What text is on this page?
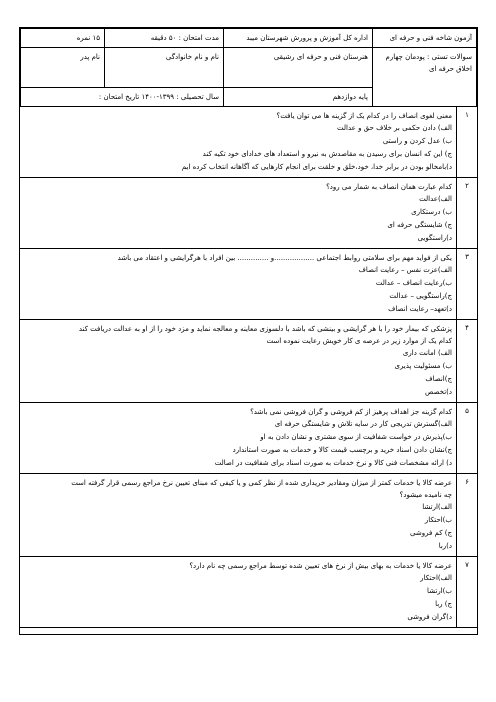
آزمون شاخه فنی و حرفه ای	اداره کل آموزش و پرورش شهرستان میبد	مدت امتحان : ۵۰ دقیقه	۱۵ نمره

سوالات تستی : پودمان چهارم
اخلاق حرفه ای	هنرستان فنی و حرفه ای رشیقی	نام و نام خانوادگی	نام پدر
	پایه دوازدهم	سال تحصیلی : ۱۳۹۹-۱۴۰۰ تاریخ امتحان :	
۱
معنی لغوی انصاف را در کدام یک از گزینه ها می توان یافت؟
الف) دادن حکمی بر خلاف حق و عدالت
ب) عدل کردن و راستی
ج) این که انسان برای رسیدن به مقاصدش به نیرو و استعداد های خدادای خود تکیه کند
د)بامخالو بودن در برابر خدا، خود،خلق و خلقت برای انجام کارهایی که آگاهانه انتخاب کرده ایم
۲
کدام عبارت همان انصاف به شمار می رود؟
الف)عدالت
ب) درستکاری
ج) شایستگی حرفه ای
د)راستگویی
۳
یکی از فواید مهم برای سلامتی روابط اجتماعی ..................و .............. بین افراد با هرگرایشی و اعتقاد می باشد
الف)عزت نفس – رعایت انصاف
ب)رعایت انصاف – عدالت
ج)راستگویی – عدالت
د)تعهد– رعایت انصاف
۴
پزشکی که بیمار خود را با هر گرایشی و بینشی که باشد با دلسوزی معاینه و معالجه نماید و مزد خود را از او به عدالت دریافت کند
کدام یک از موارد زیر در عرصه ی کار خویش رعایت نموده است
الف) امانت داری
ب) مسئولیت پذیری
ج)انصاف
د)تخصص
۵
کدام گزینه جز اهداف پرهیز از کم فروشی و گران فروشی نمی باشد؟
الف)گسترش تدریجی کار در سایه تلاش و شایستگی حرفه ای
ب)پذیرش در خواست شفافیت از سوی مشتری و نشان دادن به او
ج)نشان دادن اسناد خرید و برچسب قیمت کالا و خدمات به صورت استاندارد
د) ارائه مشخصات فنی کالا و نرخ خدمات به صورت اسناد برای شفافیت در اصالت
۶
عرضه کالا یا خدمات کمتر از میزان ومقادیر خریداری شده از نظر کمی و یا کیفی که مبنای تعیین نرخ مراجع رسمی قرار گرفته است
چه نامیده میشود؟
الف)ارتشا
ب)احتکار
ج) کم فروشی
د)ربا
۷
عرضه کالا یا خدمات به بهای بیش از نرخ های تعیین شده توسط مراجع رسمی چه نام دارد؟
الف)احتکار
ب)ارتشا
ج) ربا
د)گران فروشی
